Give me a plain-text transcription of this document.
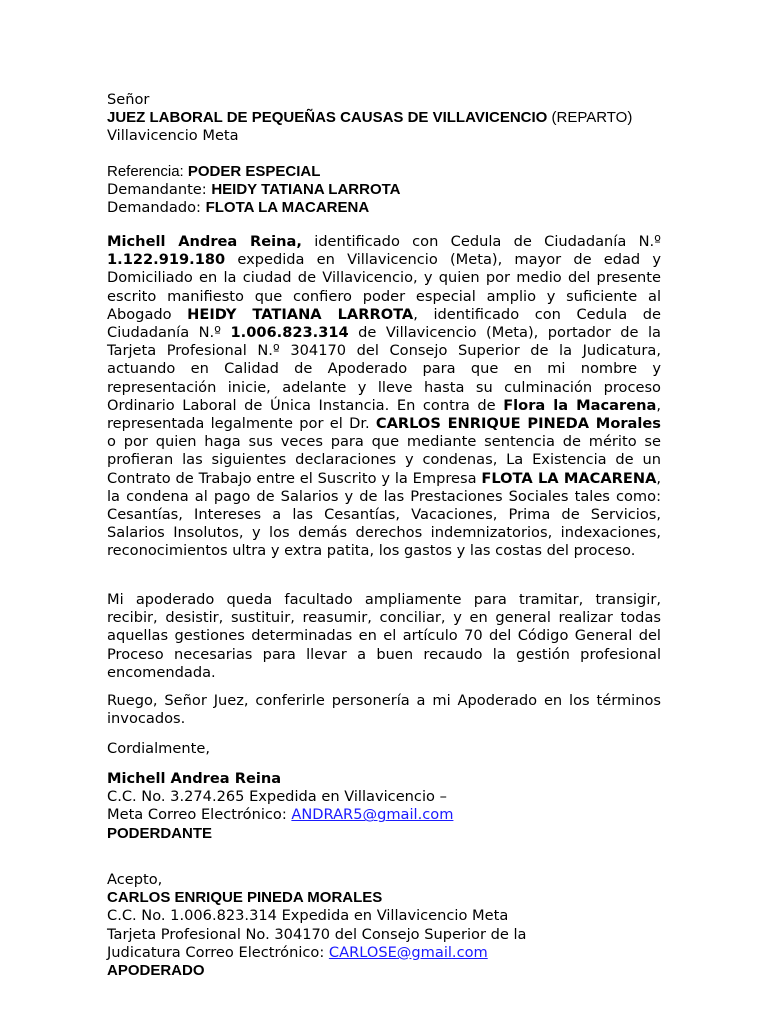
Señor
JUEZ LABORAL DE PEQUEÑAS CAUSAS DE VILLAVICENCIO (REPARTO)
Villavicencio Meta
Referencia: PODER ESPECIAL
Demandante: HEIDY TATIANA LARROTA
Demandado: FLOTA LA MACARENA
Michell Andrea Reina, identificado con Cedula de Ciudadanía N.º 1.122.919.180 expedida en Villavicencio (Meta), mayor de edad y Domiciliado en la ciudad de Villavicencio, y quien por medio del presente escrito manifiesto que confiero poder especial amplio y suficiente al Abogado HEIDY TATIANA LARROTA, identificado con Cedula de Ciudadanía N.º 1.006.823.314 de Villavicencio (Meta), portador de la Tarjeta Profesional N.º 304170 del Consejo Superior de la Judicatura, actuando en Calidad de Apoderado para que en mi nombre y representación inicie, adelante y lleve hasta su culminación proceso Ordinario Laboral de Única Instancia. En contra de Flora la Macarena, representada legalmente por el Dr. CARLOS ENRIQUE PINEDA Morales o por quien haga sus veces para que mediante sentencia de mérito se profieran las siguientes declaraciones y condenas, La Existencia de un Contrato de Trabajo entre el Suscrito y la Empresa FLOTA LA MACARENA, la condena al pago de Salarios y de las Prestaciones Sociales tales como: Cesantías, Intereses a las Cesantías, Vacaciones, Prima de Servicios, Salarios Insolutos, y los demás derechos indemnizatorios, indexaciones, reconocimientos ultra y extra patita, los gastos y las costas del proceso.
Mi apoderado queda facultado ampliamente para tramitar, transigir, recibir, desistir, sustituir, reasumir, conciliar, y en general realizar todas aquellas gestiones determinadas en el artículo 70 del Código General del Proceso necesarias para llevar a buen recaudo la gestión profesional encomendada.
Ruego, Señor Juez, conferirle personería a mi Apoderado en los términos invocados.
Cordialmente,
Michell Andrea Reina
C.C. No. 3.274.265 Expedida en Villavicencio –
Meta Correo Electrónico: ANDRAR5@gmail.com
PODERDANTE
Acepto,
CARLOS ENRIQUE PINEDA MORALES
C.C. No. 1.006.823.314 Expedida en Villavicencio Meta
Tarjeta Profesional No. 304170 del Consejo Superior de la
Judicatura Correo Electrónico: CARLOSE@gmail.com
APODERADO
